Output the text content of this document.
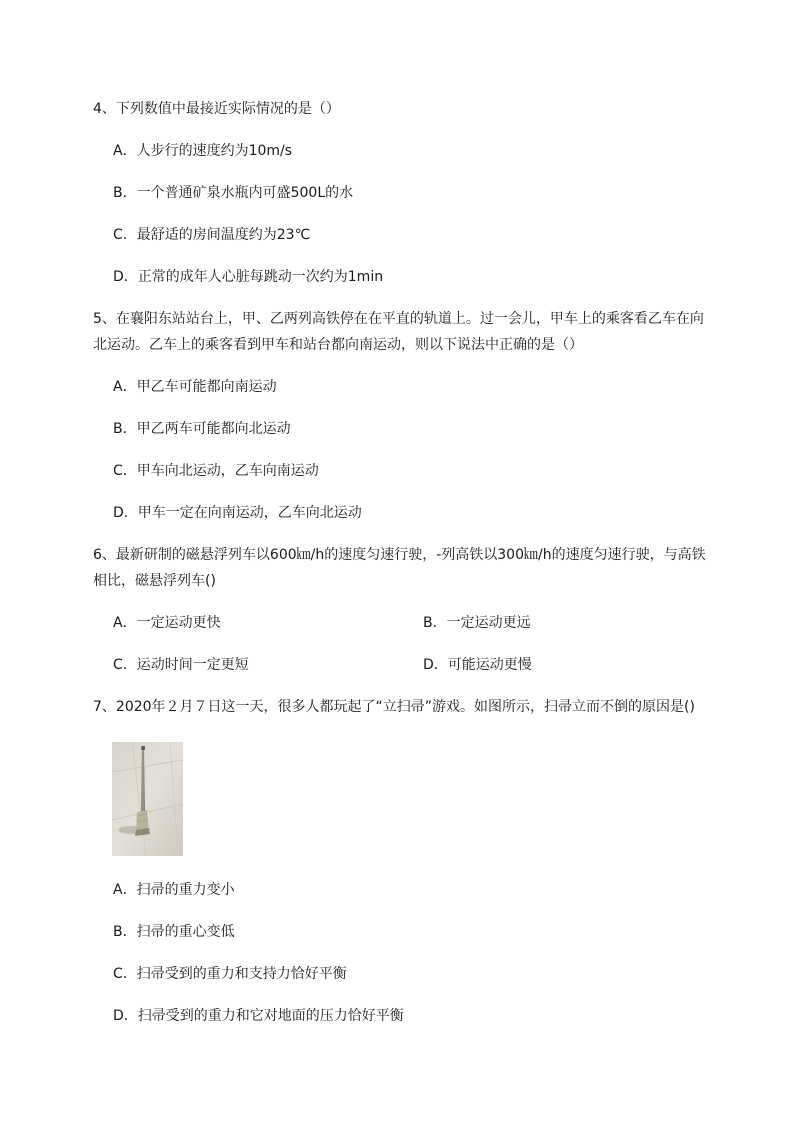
4、下列数值中最接近实际情况的是（）
A．人步行的速度约为10m/s
B．一个普通矿泉水瓶内可盛500L的水
C．最舒适的房间温度约为23℃
D．正常的成年人心脏每跳动一次约为1min
5、在襄阳东站站台上，甲、乙两列高铁停在在平直的轨道上。过一会儿，甲车上的乘客看乙车在向
北运动。乙车上的乘客看到甲车和站台都向南运动，则以下说法中正确的是（）
A．甲乙车可能都向南运动
B．甲乙两车可能都向北运动
C．甲车向北运动，乙车向南运动
D．甲车一定在向南运动，乙车向北运动
6、最新研制的磁悬浮列车以600㎞/h的速度匀速行驶，-列高铁以300㎞/h的速度匀速行驶，与高铁
相比，磁悬浮列车()
A．一定运动更快	B．一定运动更远
C．运动时间一定更短	D．可能运动更慢
7、2020年２月７日这一天，很多人都玩起了“立扫帚”游戏。如图所示，扫帚立而不倒的原因是()
A．扫帚的重力变小
B．扫帚的重心变低
C．扫帚受到的重力和支持力恰好平衡
D．扫帚受到的重力和它对地面的压力恰好平衡
